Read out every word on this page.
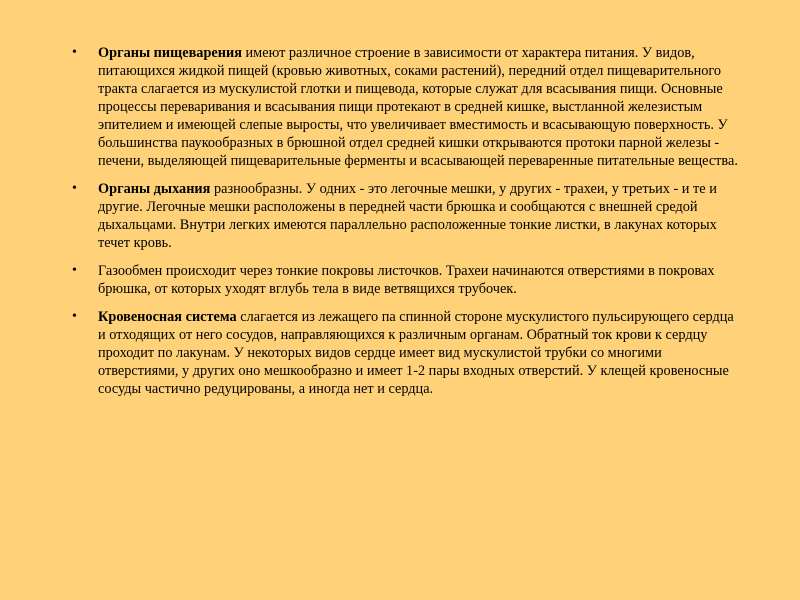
• Органы пищеварения имеют различное строение в зависимости от характера питания. У видов, питающихся жидкой пищей (кровью животных, соками растений), передний отдел пищеварительного тракта слагается из мускулистой глотки и пищевода, которые служат для всасывания пищи. Основные процессы переваривания и всасывания пищи протекают в средней кишке, выстланной железистым эпителием и имеющей слепые выросты, что увеличивает вместимость и всасывающую поверхность. У большинства паукообразных в брюшной отдел средней кишки открываются протоки парной железы - печени, выделяющей пищеварительные ферменты и всасывающей переваренные питательные вещества.
• Органы дыхания разнообразны. У одних - это легочные мешки, у других - трахеи, у третьих - и те и другие. Легочные мешки расположены в передней части брюшка и сообщаются с внешней средой дыхальцами. Внутри легких имеются параллельно расположенные тонкие листки, в лакунах которых течет кровь.
• Газообмен происходит через тонкие покровы листочков. Трахеи начинаются отверстиями в покровах брюшка, от которых уходят вглубь тела в виде ветвящихся трубочек.
• Кровеносная система слагается из лежащего па спинной стороне мускулистого пульсирующего сердца и отходящих от него сосудов, направляющихся к различным органам. Обратный ток крови к сердцу проходит по лакунам. У некоторых видов сердце имеет вид мускулистой трубки со многими отверстиями, у других оно мешкообразно и имеет 1-2 пары входных отверстий. У клещей кровеносные сосуды частично редуцированы, а иногда нет и сердца.
